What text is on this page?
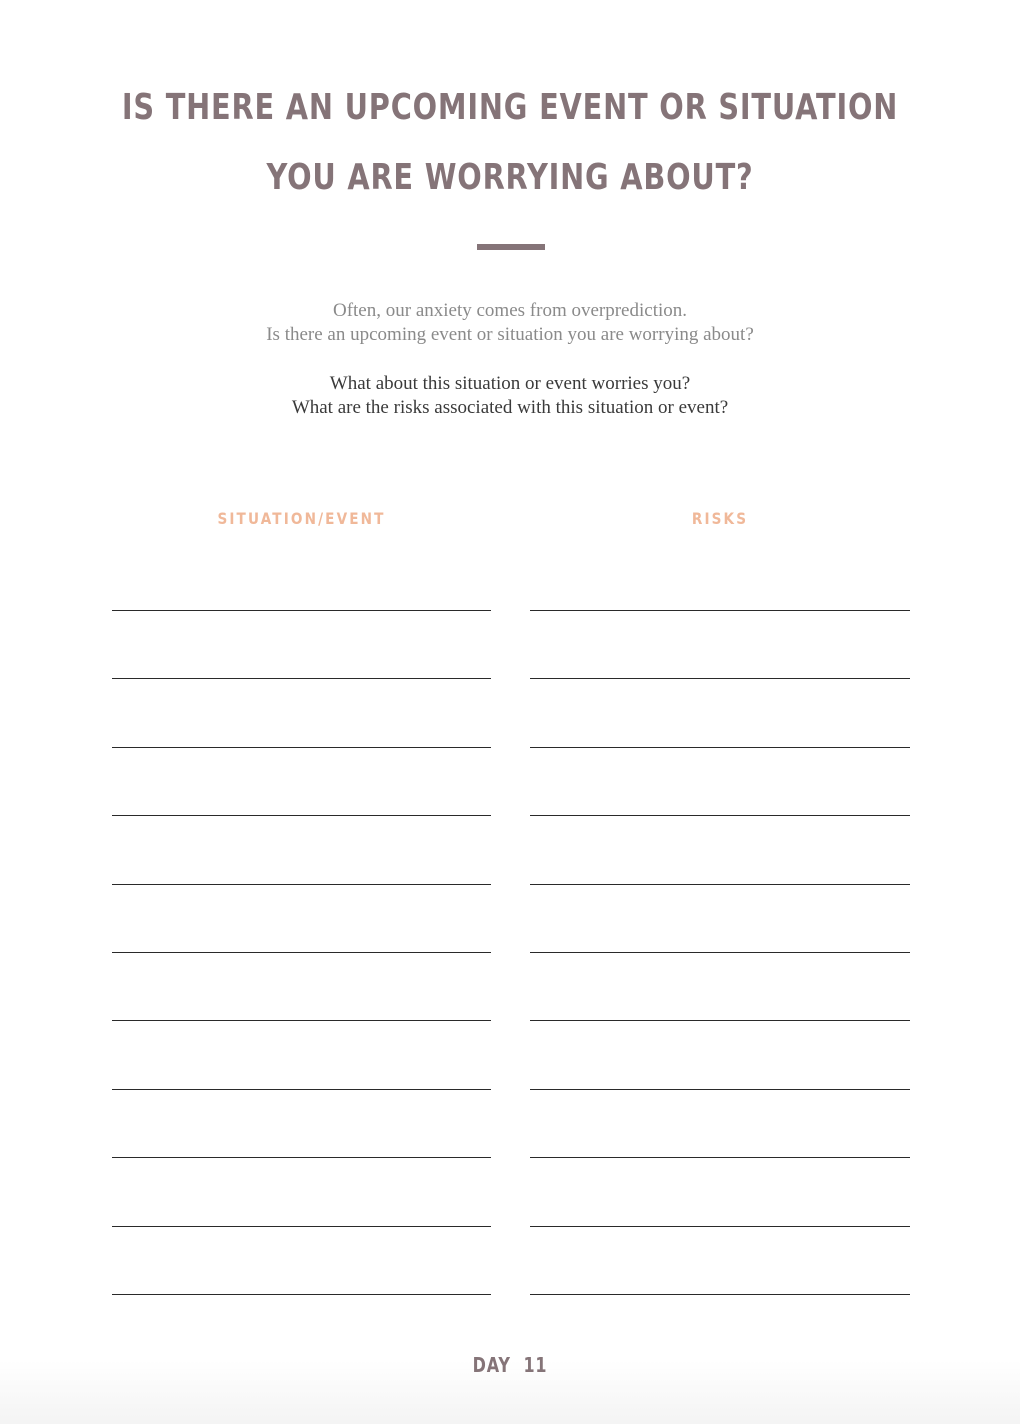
IS THERE AN UPCOMING EVENT OR SITUATION
YOU ARE WORRYING ABOUT?

Often, our anxiety comes from overprediction.

Is there an upcoming event or situation you are worrying about?

What about this situation or event worries you?

What are the risks associated with this situation or event?

SITUATION/EVENT	RISKS
DAY  11
